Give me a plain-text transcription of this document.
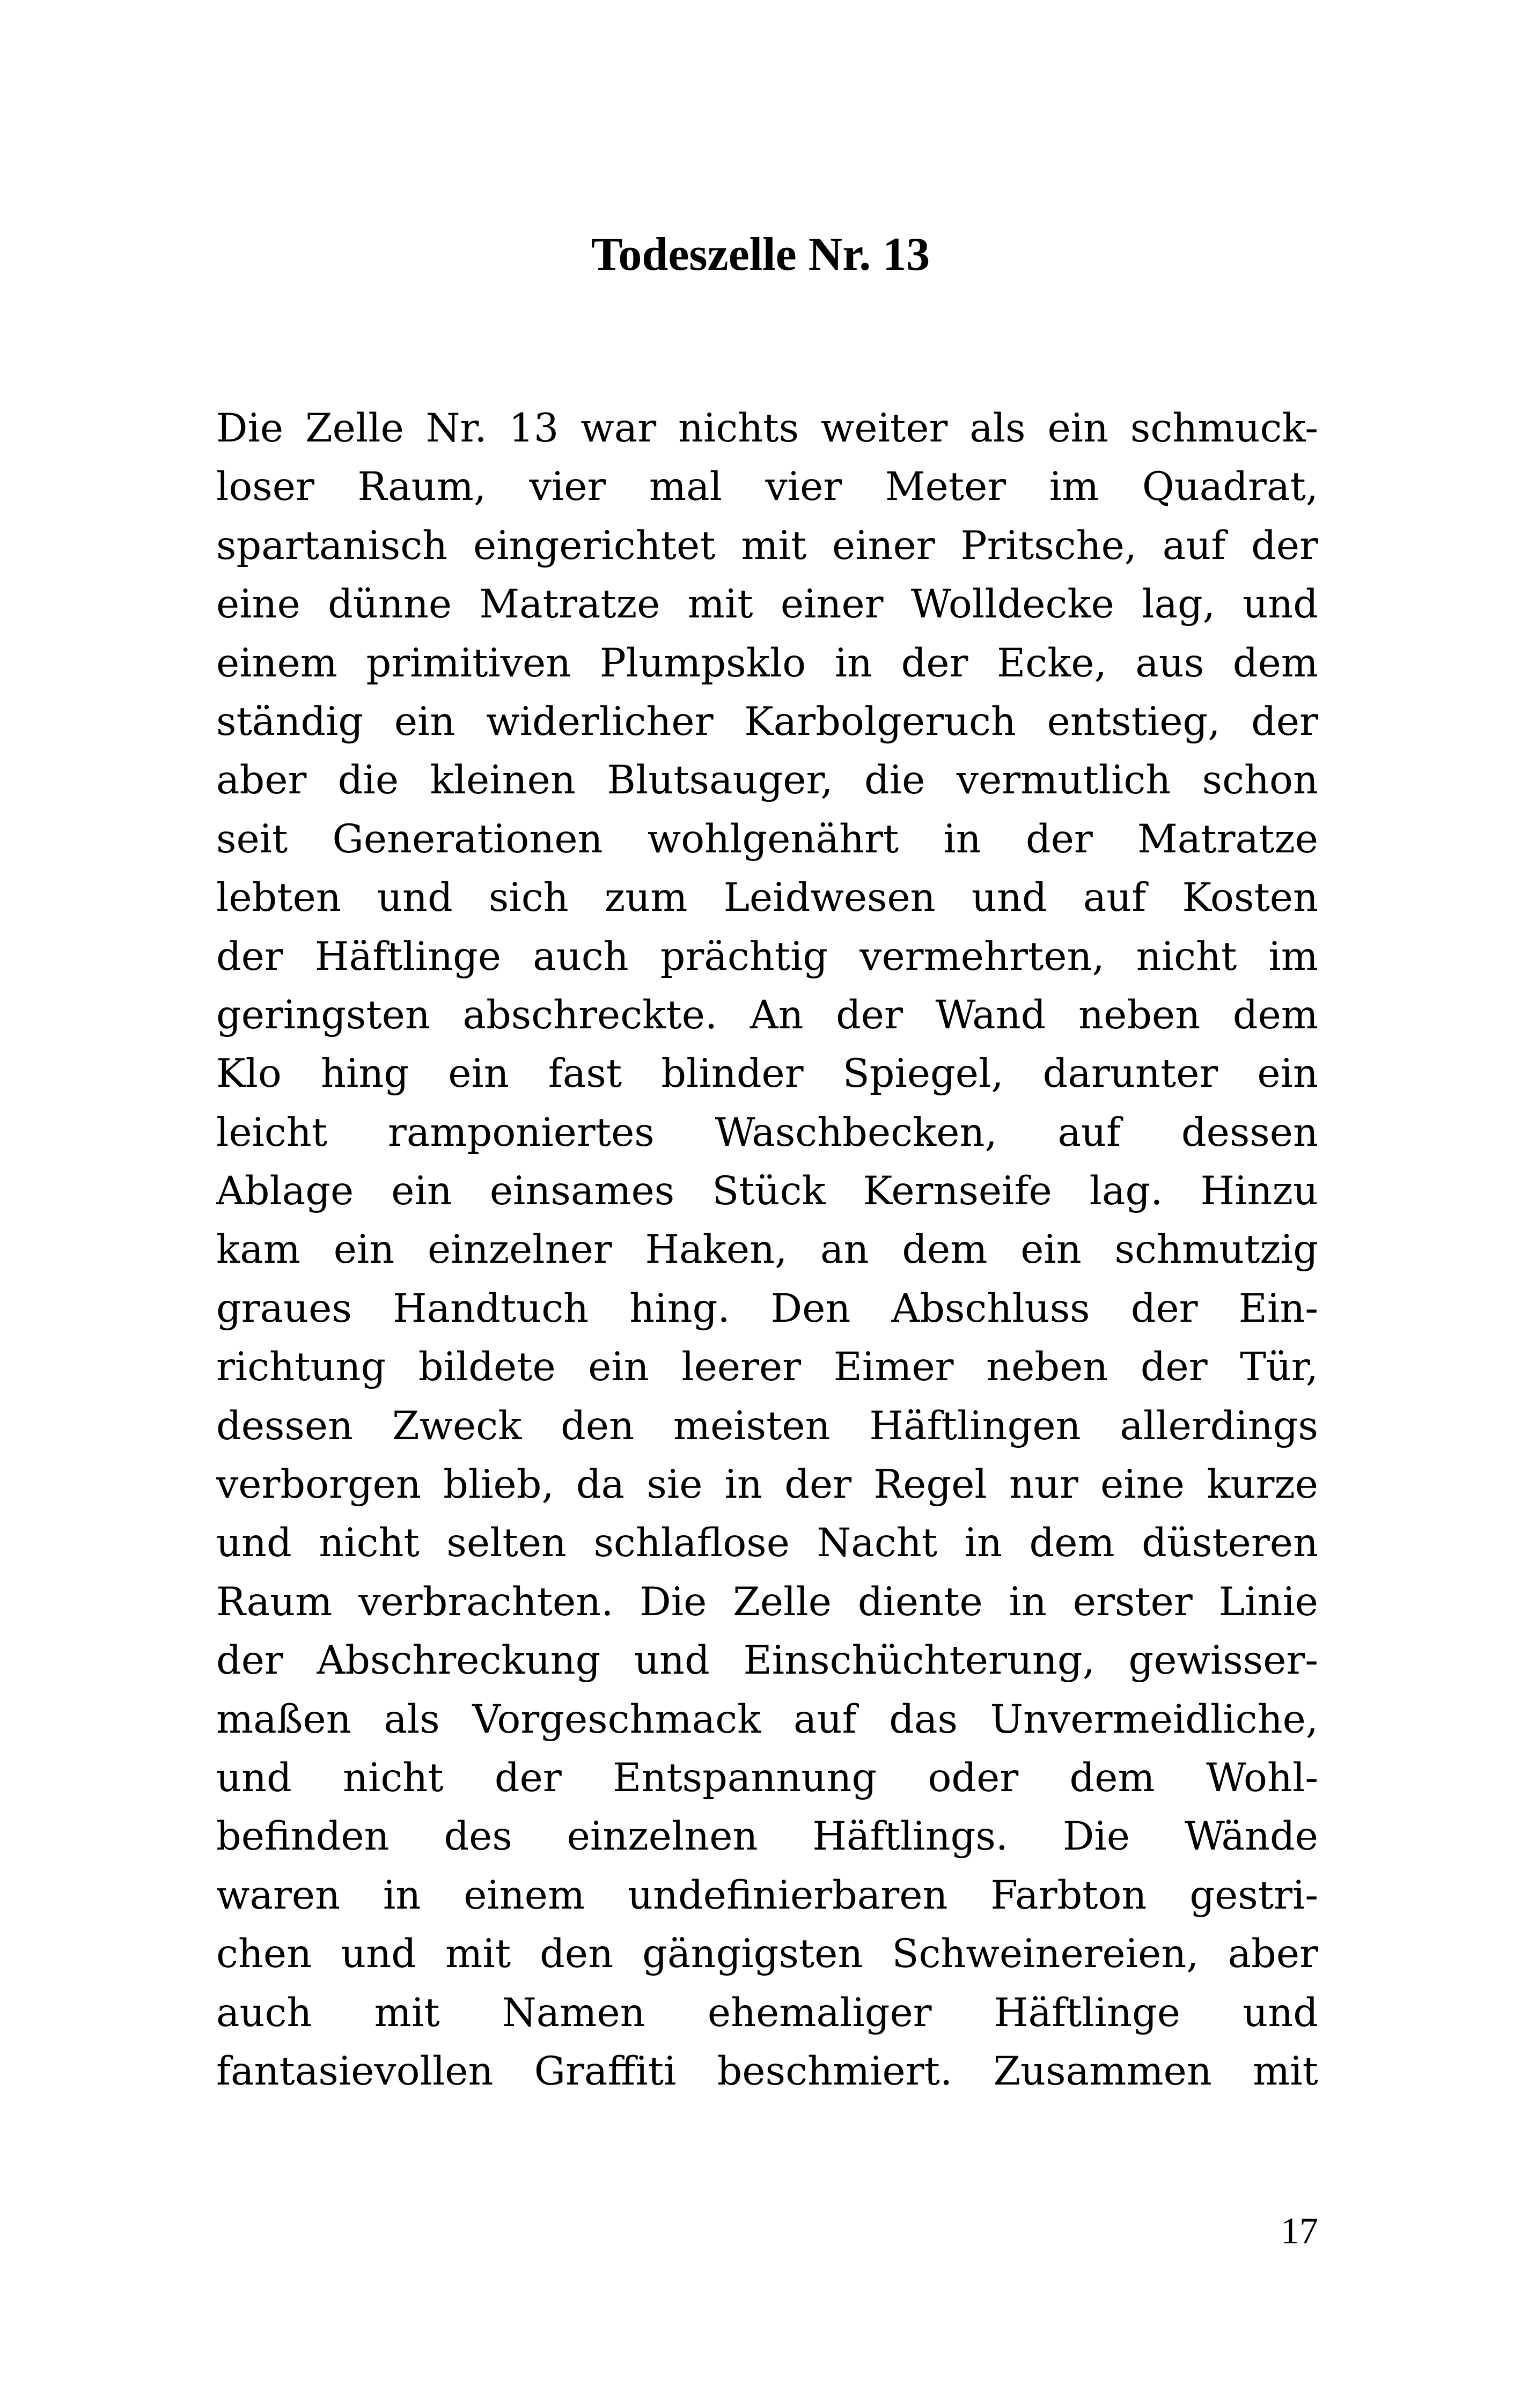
Todeszelle Nr. 13
Die Zelle Nr. 13 war nichts weiter als ein schmuck-
loser Raum, vier mal vier Meter im Quadrat,
spartanisch eingerichtet mit einer Pritsche, auf der
eine dünne Matratze mit einer Wolldecke lag, und
einem primitiven Plumpsklo in der Ecke, aus dem
ständig ein widerlicher Karbolgeruch entstieg, der
aber die kleinen Blutsauger, die vermutlich schon
seit Generationen wohlgenährt in der Matratze
lebten und sich zum Leidwesen und auf Kosten
der Häftlinge auch prächtig vermehrten, nicht im
geringsten abschreckte. An der Wand neben dem
Klo hing ein fast blinder Spiegel, darunter ein
leicht ramponiertes Waschbecken, auf dessen
Ablage ein einsames Stück Kernseife lag. Hinzu
kam ein einzelner Haken, an dem ein schmutzig
graues Handtuch hing. Den Abschluss der Ein-
richtung bildete ein leerer Eimer neben der Tür,
dessen Zweck den meisten Häftlingen allerdings
verborgen blieb, da sie in der Regel nur eine kurze
und nicht selten schlaflose Nacht in dem düsteren
Raum verbrachten. Die Zelle diente in erster Linie
der Abschreckung und Einschüchterung, gewisser-
maßen als Vorgeschmack auf das Unvermeidliche,
und nicht der Entspannung oder dem Wohl-
befinden des einzelnen Häftlings. Die Wände
waren in einem undefinierbaren Farbton gestri-
chen und mit den gängigsten Schweinereien, aber
auch mit Namen ehemaliger Häftlinge und
fantasievollen Graffiti beschmiert. Zusammen mit

17
